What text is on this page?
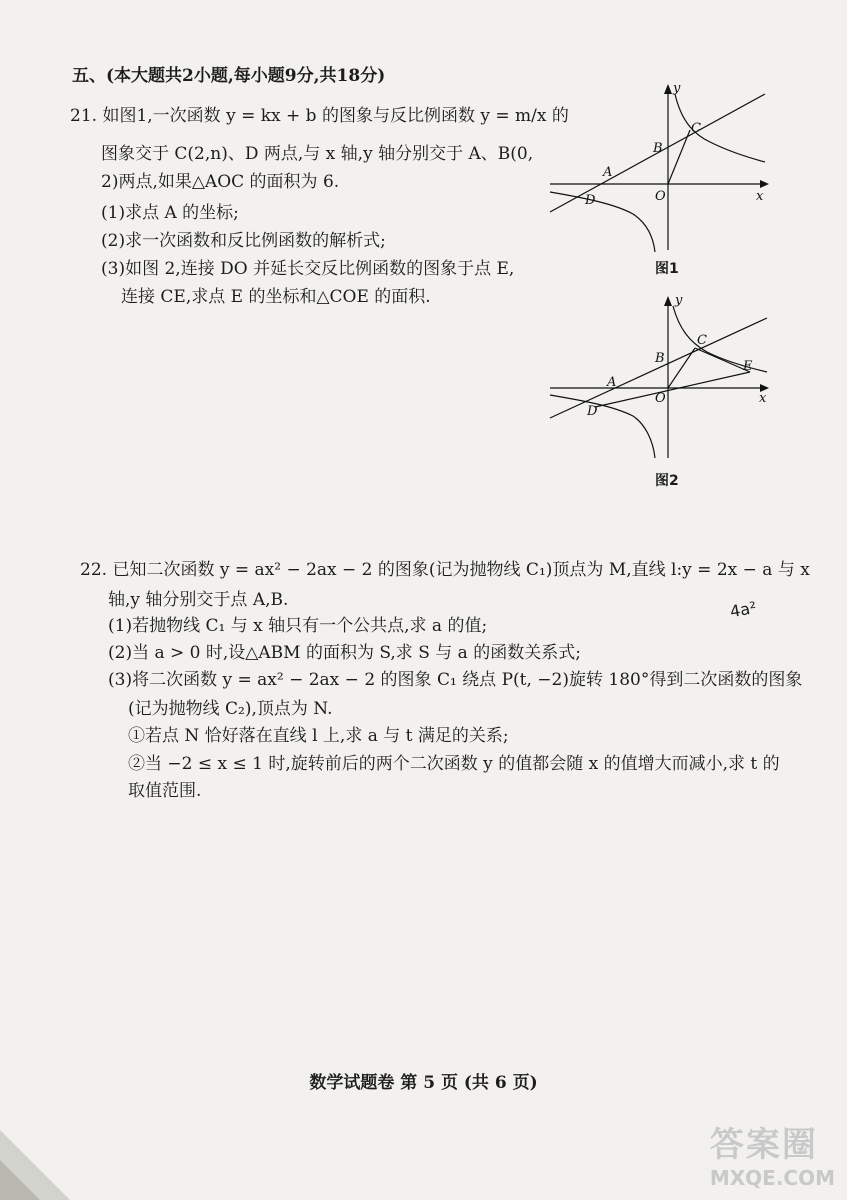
五、(本大题共2小题,每小题9分,共18分)
21. 如图1,一次函数 y = kx + b 的图象与反比例函数 y = m/x 的
图象交于 C(2,n)、D 两点,与 x 轴,y 轴分别交于 A、B(0,
2)两点,如果△AOC 的面积为 6.
(1)求点 A 的坐标;
(2)求一次函数和反比例函数的解析式;
(3)如图 2,连接 DO 并延长交反比例函数的图象于点 E,
连接 CE,求点 E 的坐标和△COE 的面积.
y
x
O
A
B
C
D
图1
y
x
O
A
B
C
D
E
图2
22. 已知二次函数 y = ax² − 2ax − 2 的图象(记为抛物线 C₁)顶点为 M,直线 l:y = 2x − a 与 x
轴,y 轴分别交于点 A,B.
(1)若抛物线 C₁ 与 x 轴只有一个公共点,求 a 的值;
(2)当 a > 0 时,设△ABM 的面积为 S,求 S 与 a 的函数关系式;
(3)将二次函数 y = ax² − 2ax − 2 的图象 C₁ 绕点 P(t, −2)旋转 180°得到二次函数的图象
(记为抛物线 C₂),顶点为 N.
①若点 N 恰好落在直线 l 上,求 a 与 t 满足的关系;
②当 −2 ≤ x ≤ 1 时,旋转前后的两个二次函数 y 的值都会随 x 的值增大而减小,求 t 的
取值范围.
4a²
数学试题卷 第 5 页 (共 6 页)
答案圈
MXQE.COM
